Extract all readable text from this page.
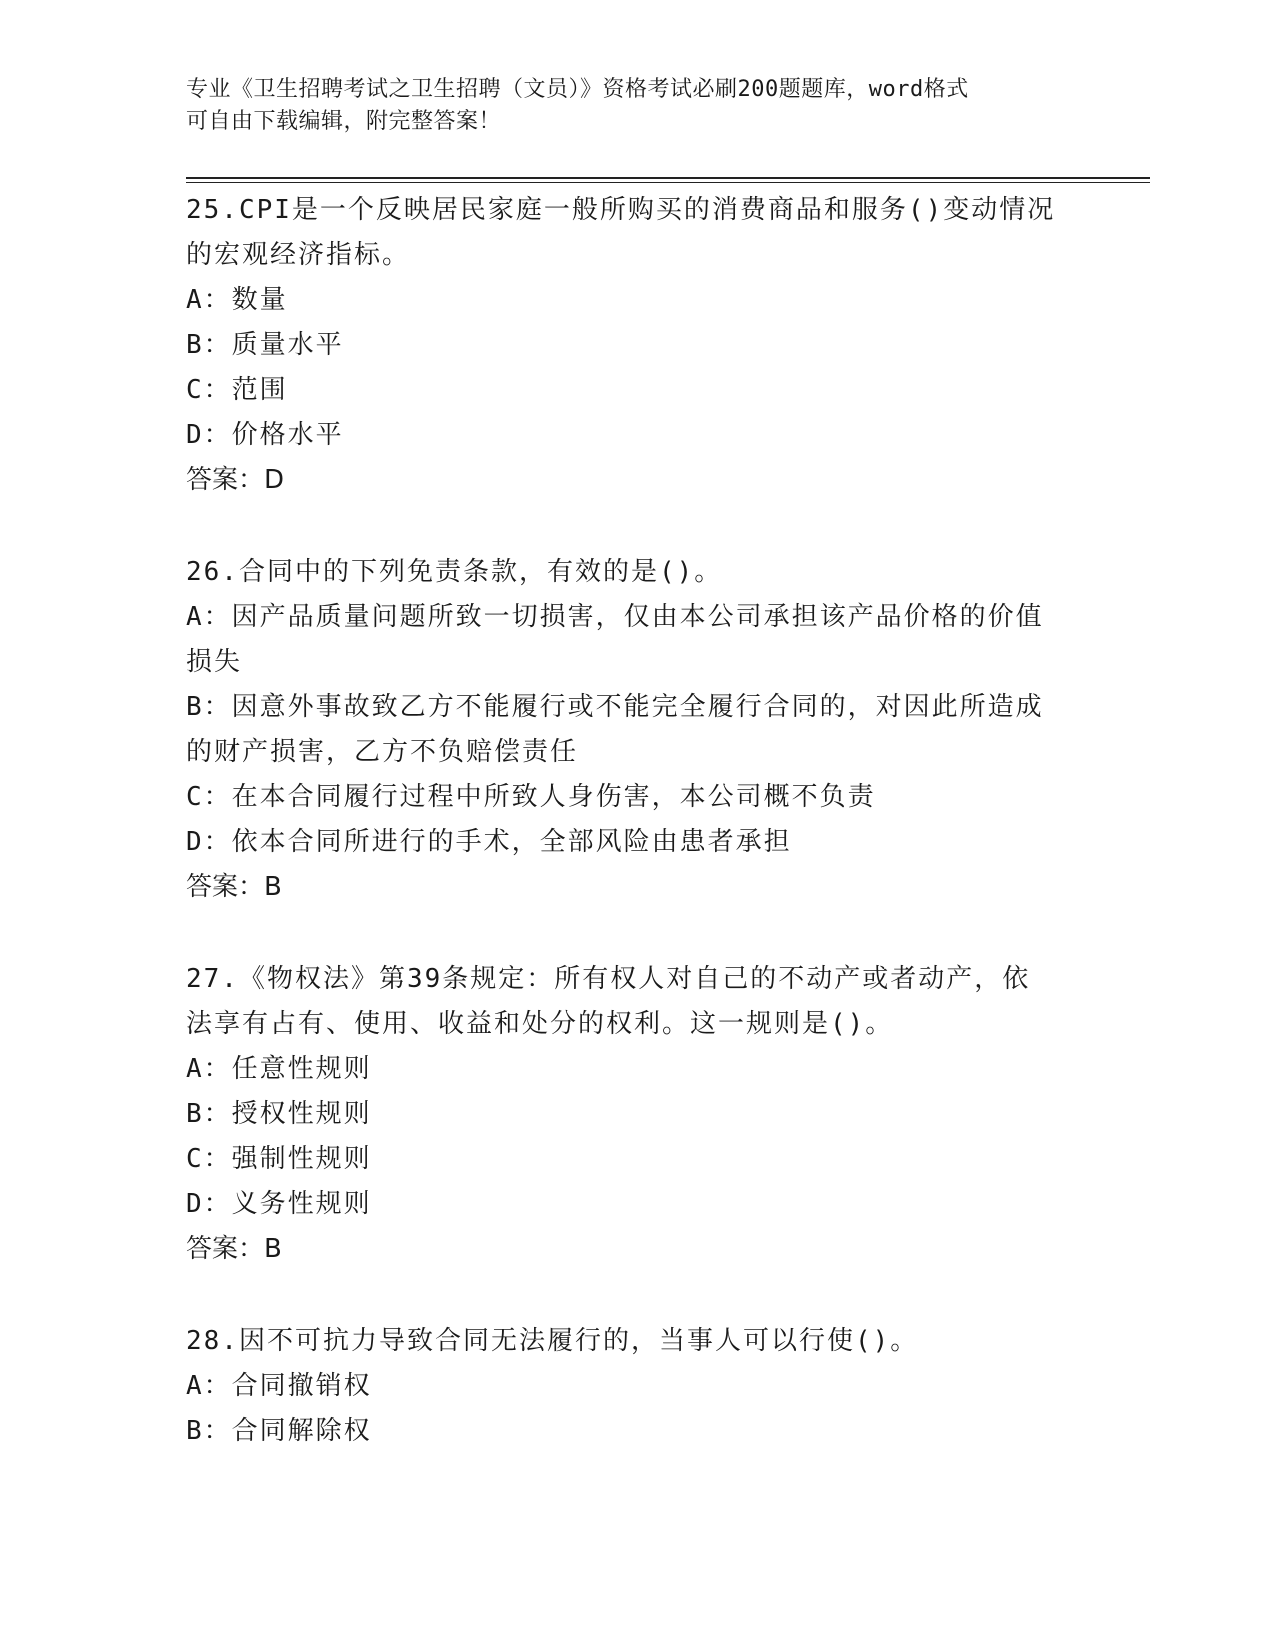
专业《卫生招聘考试之卫生招聘（文员）》资格考试必刷200题题库，word格式
可自由下载编辑，附完整答案！
25.CPI是一个反映居民家庭一般所购买的消费商品和服务()变动情况
的宏观经济指标。
A：数量
B：质量水平
C：范围
D：价格水平
答案：D
26.合同中的下列免责条款，有效的是()。
A：因产品质量问题所致一切损害，仅由本公司承担该产品价格的价值
损失
B：因意外事故致乙方不能履行或不能完全履行合同的，对因此所造成
的财产损害，乙方不负赔偿责任
C：在本合同履行过程中所致人身伤害，本公司概不负责
D：依本合同所进行的手术，全部风险由患者承担
答案：B
27.《物权法》第39条规定：所有权人对自己的不动产或者动产，依
法享有占有、使用、收益和处分的权利。这一规则是()。
A：任意性规则
B：授权性规则
C：强制性规则
D：义务性规则
答案：B
28.因不可抗力导致合同无法履行的，当事人可以行使()。
A：合同撤销权
B：合同解除权
